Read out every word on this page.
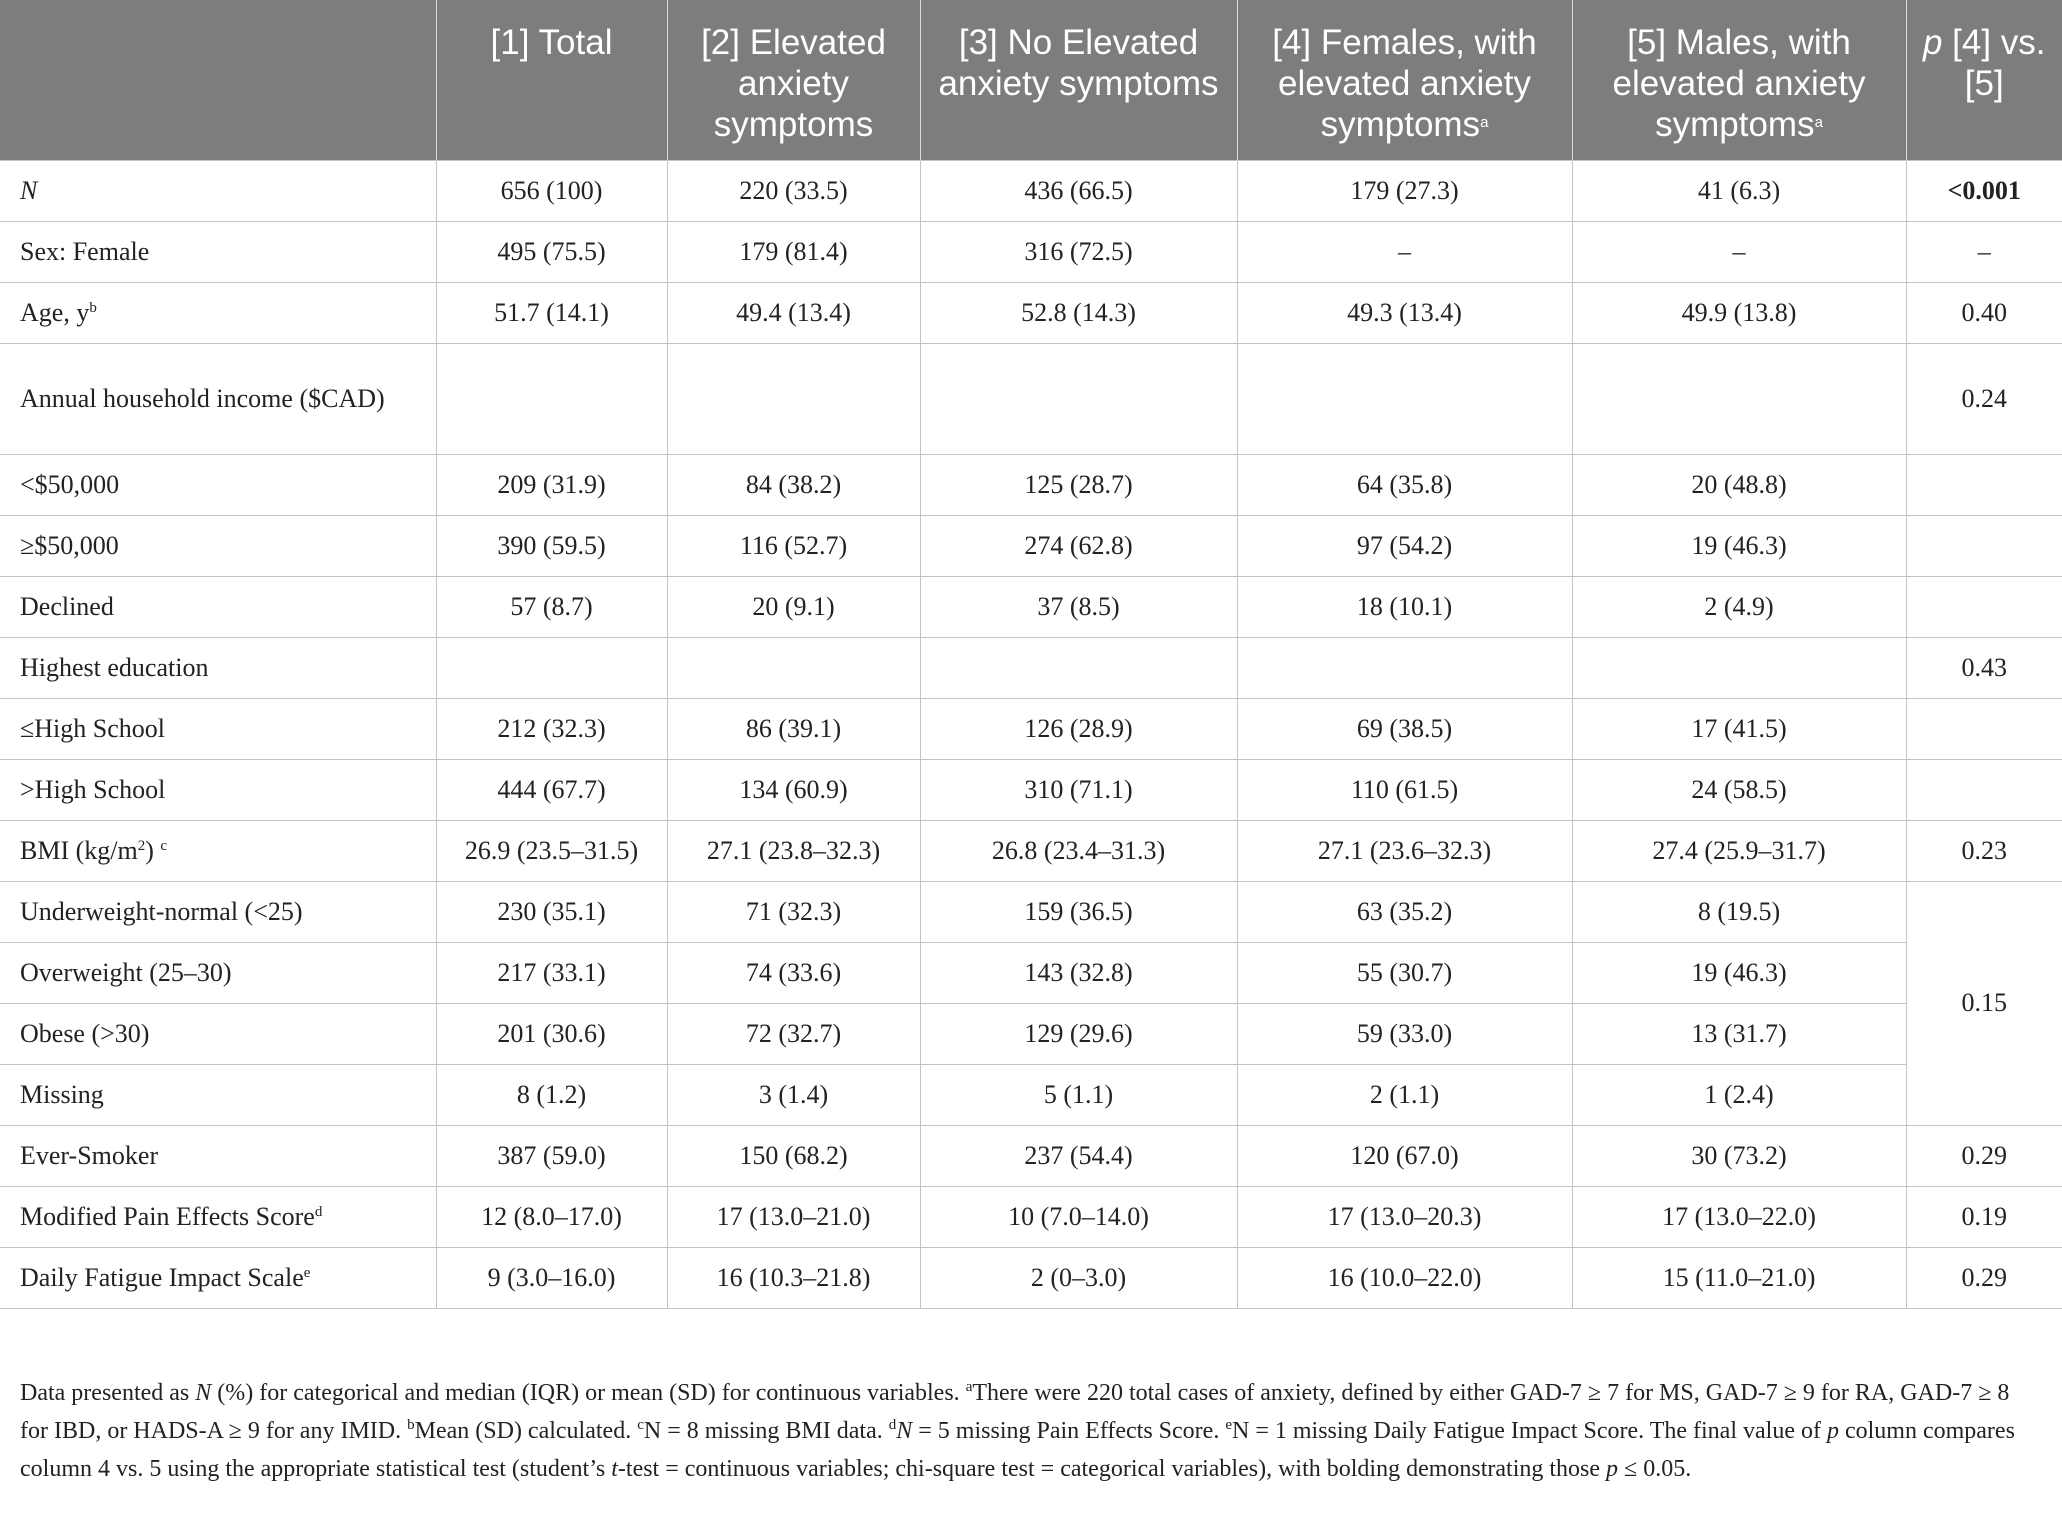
	[1] Total	[2] Elevated anxiety symptoms	[3] No Elevated anxiety symptoms	[4] Females, with elevated anxiety symptoms$^a$	[5] Males, with elevated anxiety symptoms$^a$	p [4] vs. [5]
N	656 (100)	220 (33.5)	436 (66.5)	179 (27.3)	41 (6.3)	<0.001
Sex: Female	495 (75.5)	179 (81.4)	316 (72.5)	–	–	–
Age, $y^b$	51.7 (14.1)	49.4 (13.4)	52.8 (14.3)	49.3 (13.4)	49.9 (13.8)	0.40
Annual household income ($CAD)						0.24
<$50,000	209 (31.9)	84 (38.2)	125 (28.7)	64 (35.8)	20 (48.8)	
≥$50,000	390 (59.5)	116 (52.7)	274 (62.8)	97 (54.2)	19 (46.3)	
Declined	57 (8.7)	20 (9.1)	37 (8.5)	18 (10.1)	2 (4.9)	
Highest education						0.43
≤High School	212 (32.3)	86 (39.1)	126 (28.9)	69 (38.5)	17 (41.5)	
>High School	444 (67.7)	134 (60.9)	310 (71.1)	110 (61.5)	24 (58.5)	
BMI $(kg/m^2)$ $^c$	26.9 (23.5–31.5)	27.1 (23.8–32.3)	26.8 (23.4–31.3)	27.1 (23.6–32.3)	27.4 (25.9–31.7)	0.23
Underweight-normal (<25)	230 (35.1)	71 (32.3)	159 (36.5)	63 (35.2)	8 (19.5)	0.15
Overweight (25–30)	217 (33.1)	74 (33.6)	143 (32.8)	55 (30.7)	19 (46.3)	
Obese (>30)	201 (30.6)	72 (32.7)	129 (29.6)	59 (33.0)	13 (31.7)	
Missing	8 (1.2)	3 (1.4)	5 (1.1)	2 (1.1)	1 (2.4)	
Ever-Smoker	387 (59.0)	150 (68.2)	237 (54.4)	120 (67.0)	30 (73.2)	0.29
Modified Pain Effects Score$^d$	12 (8.0–17.0)	17 (13.0–21.0)	10 (7.0–14.0)	17 (13.0–20.3)	17 (13.0–22.0)	0.19
Daily Fatigue Impact Scale$^e$	9 (3.0–16.0)	16 (10.3–21.8)	2 (0–3.0)	16 (10.0–22.0)	15 (11.0–21.0)	0.29

Data presented as N (%) for categorical and median (IQR) or mean (SD) for continuous variables. $^a$There were 220 total cases of anxiety, defined by either GAD-7 ≥ 7 for MS, GAD-7 ≥ 9 for RA, GAD-7 ≥ 8 for IBD, or HADS-A ≥ 9 for any IMID. $^b$Mean (SD) calculated. $^c$N = 8 missing BMI data. $^d$N = 5 missing Pain Effects Score. $^e$N = 1 missing Daily Fatigue Impact Score. The final value of p column compares column 4 vs. 5 using the appropriate statistical test (student’s t-test = continuous variables; chi-square test = categorical variables), with bolding demonstrating those p ≤ 0.05.
